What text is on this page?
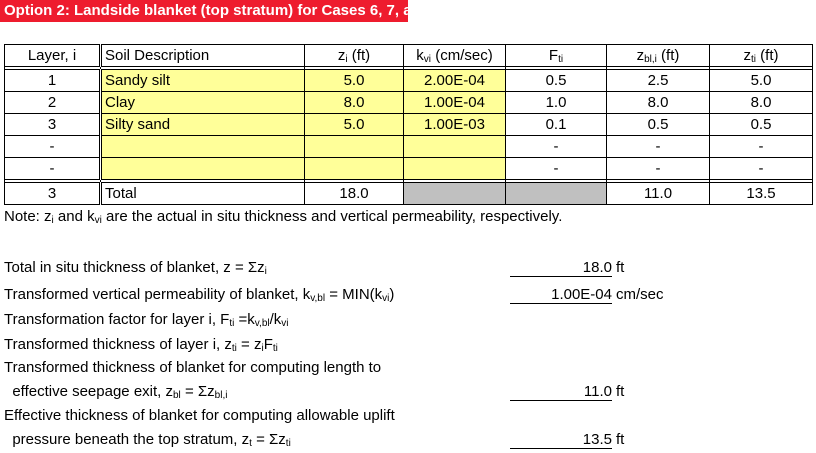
Option 2: Landside blanket (top stratum) for Cases 6, 7, and 8
Layer, i	Soil Description	$z_i$ (ft)	$k_{vi}$ (cm/sec)	$F_{ti}$	$z_{bl,i}$ (ft)	$z_{ti}$ (ft)

1	Sandy silt	5.0	2.00E-04	0.5	2.5	5.0
2	Clay	8.0	1.00E-04	1.0	8.0	8.0
3	Silty sand	5.0	1.00E-03	0.1	0.5	0.5
-				-	-	-
-				-	-	-

3	Total	18.0			11.0	13.5
Note: $z_i$ and $k_{vi}$ are the actual in situ thickness and vertical permeability, respectively.
Total in situ thickness of blanket, $z = \Sigma z_i$	18.0 ft
Transformed vertical permeability of blanket, $k_{v,bl} = MIN(k_{vi})$	1.00E-04 cm/sec
Transformation factor for layer i, $F_{ti} =k_{v,bl}/k_{vi}$
Transformed thickness of layer i, $z_{ti} = z_iF_{ti}$
Transformed thickness of blanket for computing length to
effective seepage exit, $z_{bl} = \Sigma z_{bl,i}$	11.0 ft
Effective thickness of blanket for computing allowable uplift
pressure beneath the top stratum, $z_t = \Sigma z_{ti}$	13.5 ft
